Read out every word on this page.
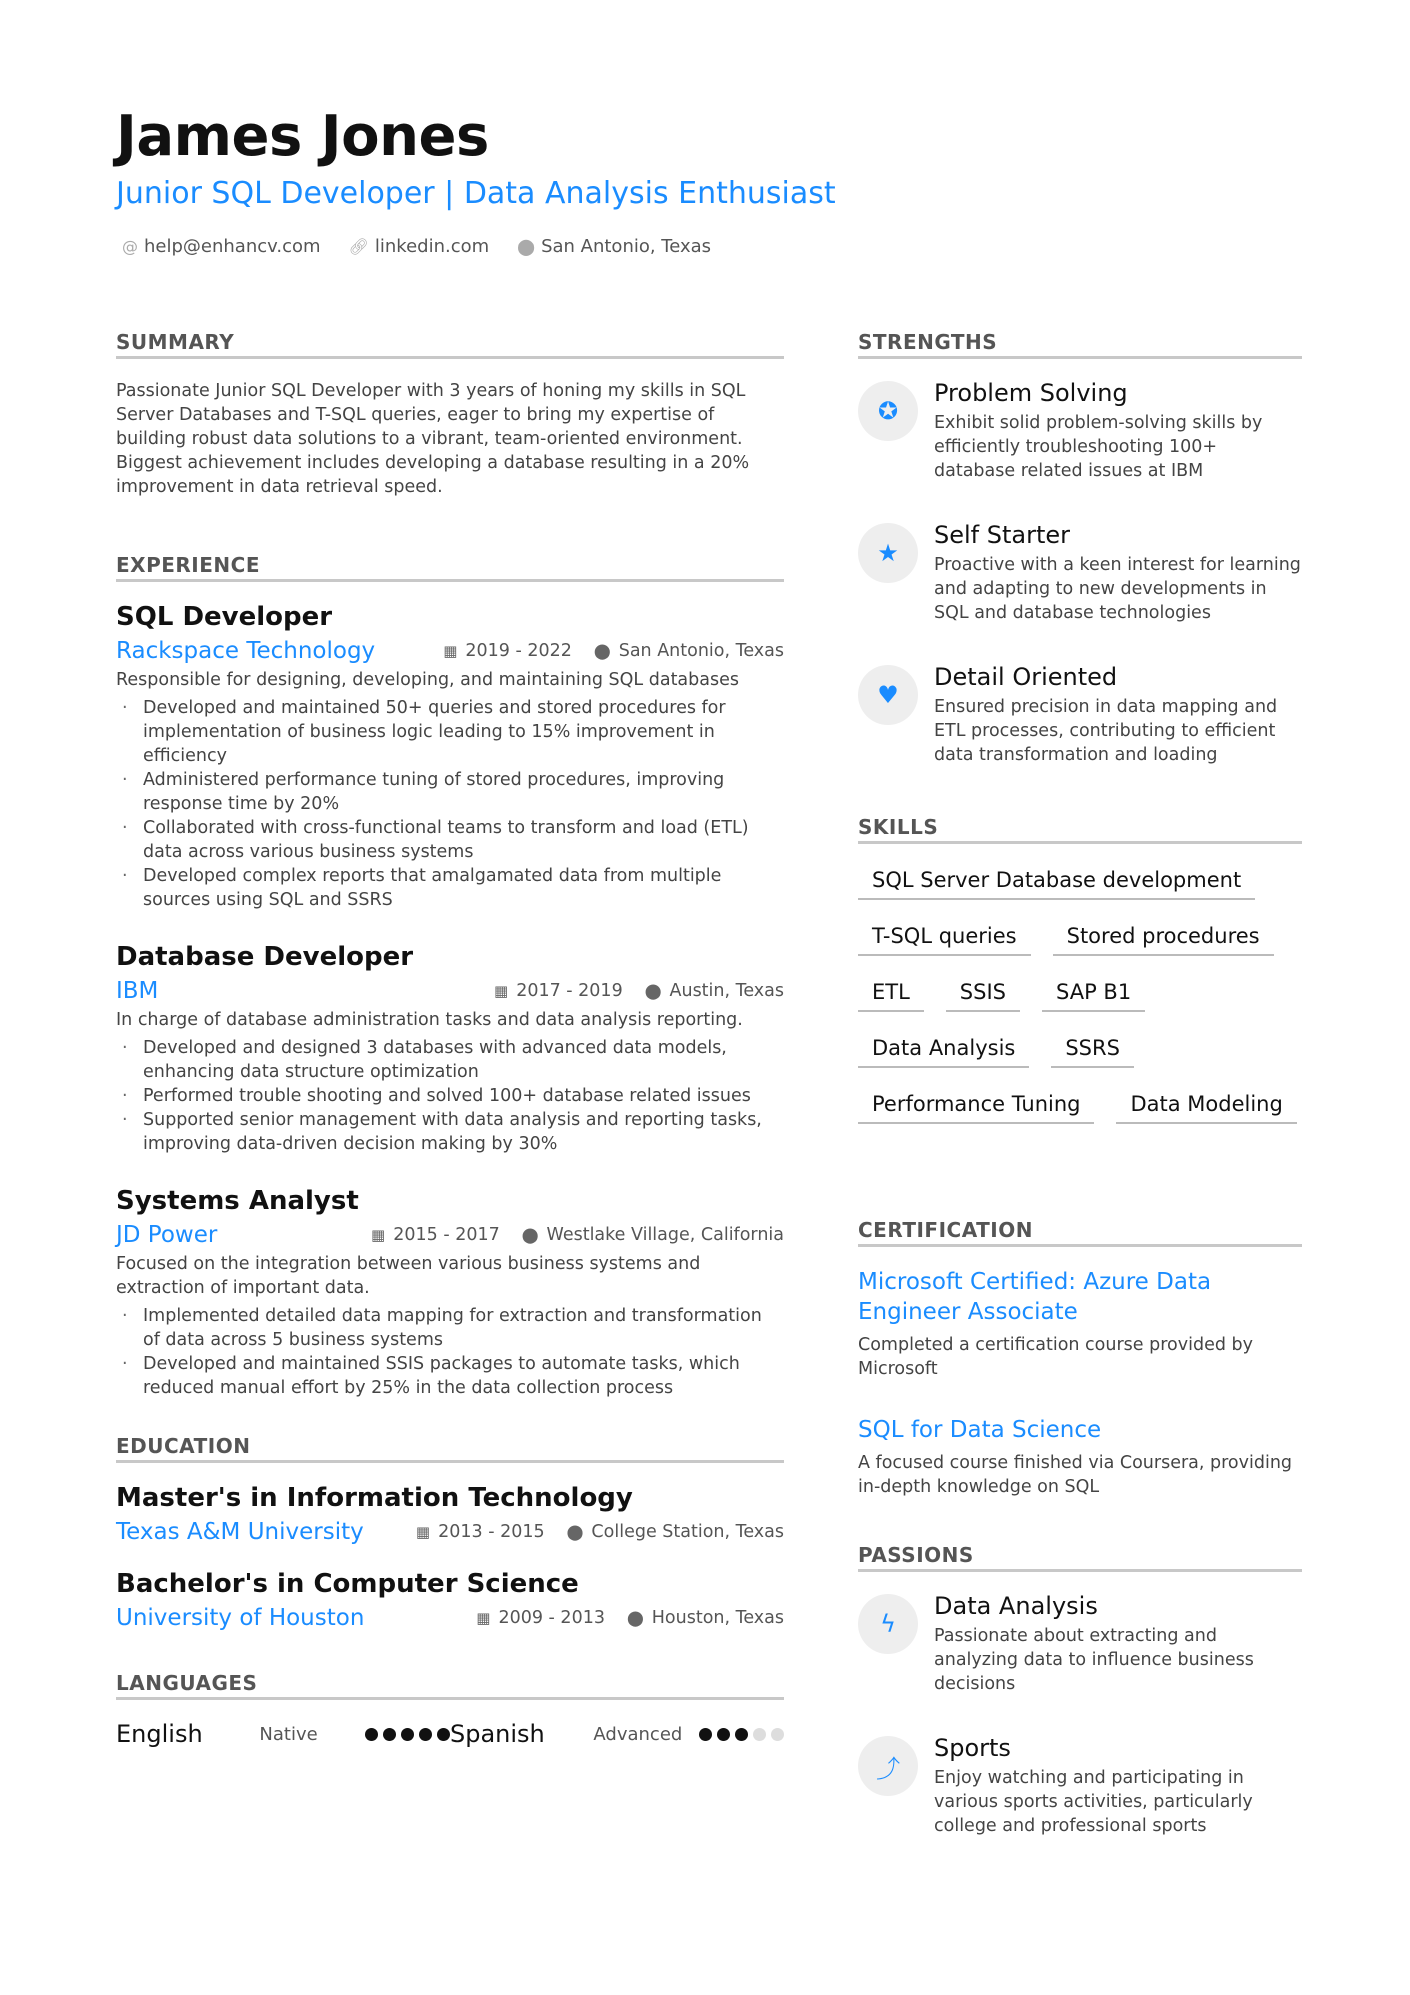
James Jones
Junior SQL Developer | Data Analysis Enthusiast
@ help@enhancv.com 🔗︎ linkedin.com ⬤ San Antonio, Texas
SUMMARY

Passionate Junior SQL Developer with 3 years of honing my skills in SQL Server Databases and T-SQL queries, eager to bring my expertise of building robust data solutions to a vibrant, team-oriented environment. Biggest achievement includes developing a database resulting in a 20% improvement in data retrieval speed.

EXPERIENCE
SQL Developer
Rackspace Technology	▦ 2019 - 2022 ⬤ San Antonio, Texas

Responsible for designing, developing, and maintaining SQL databases

· Developed and maintained 50+ queries and stored procedures for implementation of business logic leading to 15% improvement in efficiency
· Administered performance tuning of stored procedures, improving response time by 20%
· Collaborated with cross-functional teams to transform and load (ETL) data across various business systems
· Developed complex reports that amalgamated data from multiple sources using SQL and SSRS
Database Developer
IBM	▦ 2017 - 2019 ⬤ Austin, Texas

In charge of database administration tasks and data analysis reporting.

· Developed and designed 3 databases with advanced data models, enhancing data structure optimization
· Performed trouble shooting and solved 100+ database related issues
· Supported senior management with data analysis and reporting tasks, improving data-driven decision making by 30%
Systems Analyst
JD Power	▦ 2015 - 2017 ⬤ Westlake Village, California

Focused on the integration between various business systems and extraction of important data.

· Implemented detailed data mapping for extraction and transformation of data across 5 business systems
· Developed and maintained SSIS packages to automate tasks, which reduced manual effort by 25% in the data collection process
EDUCATION
Master's in Information Technology
Texas A&M University	▦ 2013 - 2015 ⬤ College Station, Texas
Bachelor's in Computer Science
University of Houston	▦ 2009 - 2013 ⬤ Houston, Texas
LANGUAGES
English	Native	Spanish	Advanced
STRENGTHS
✪
Problem Solving
Exhibit solid problem-solving skills by efficiently troubleshooting 100+ database related issues at IBM
★
Self Starter
Proactive with a keen interest for learning and adapting to new developments in SQL and database technologies
♥
Detail Oriented
Ensured precision in data mapping and ETL processes, contributing to efficient data transformation and loading
SKILLS
SQL Server Database development
T-SQL queries	Stored procedures
ETL	SSIS	SAP B1
Data Analysis	SSRS
Performance Tuning	Data Modeling
CERTIFICATION
Microsoft Certified: Azure Data Engineer Associate
Completed a certification course provided by Microsoft
SQL for Data Science
A focused course finished via Coursera, providing in-depth knowledge on SQL
PASSIONS
ϟ
Data Analysis
Passionate about extracting and analyzing data to influence business decisions
⤴
Sports
Enjoy watching and participating in various sports activities, particularly college and professional sports
